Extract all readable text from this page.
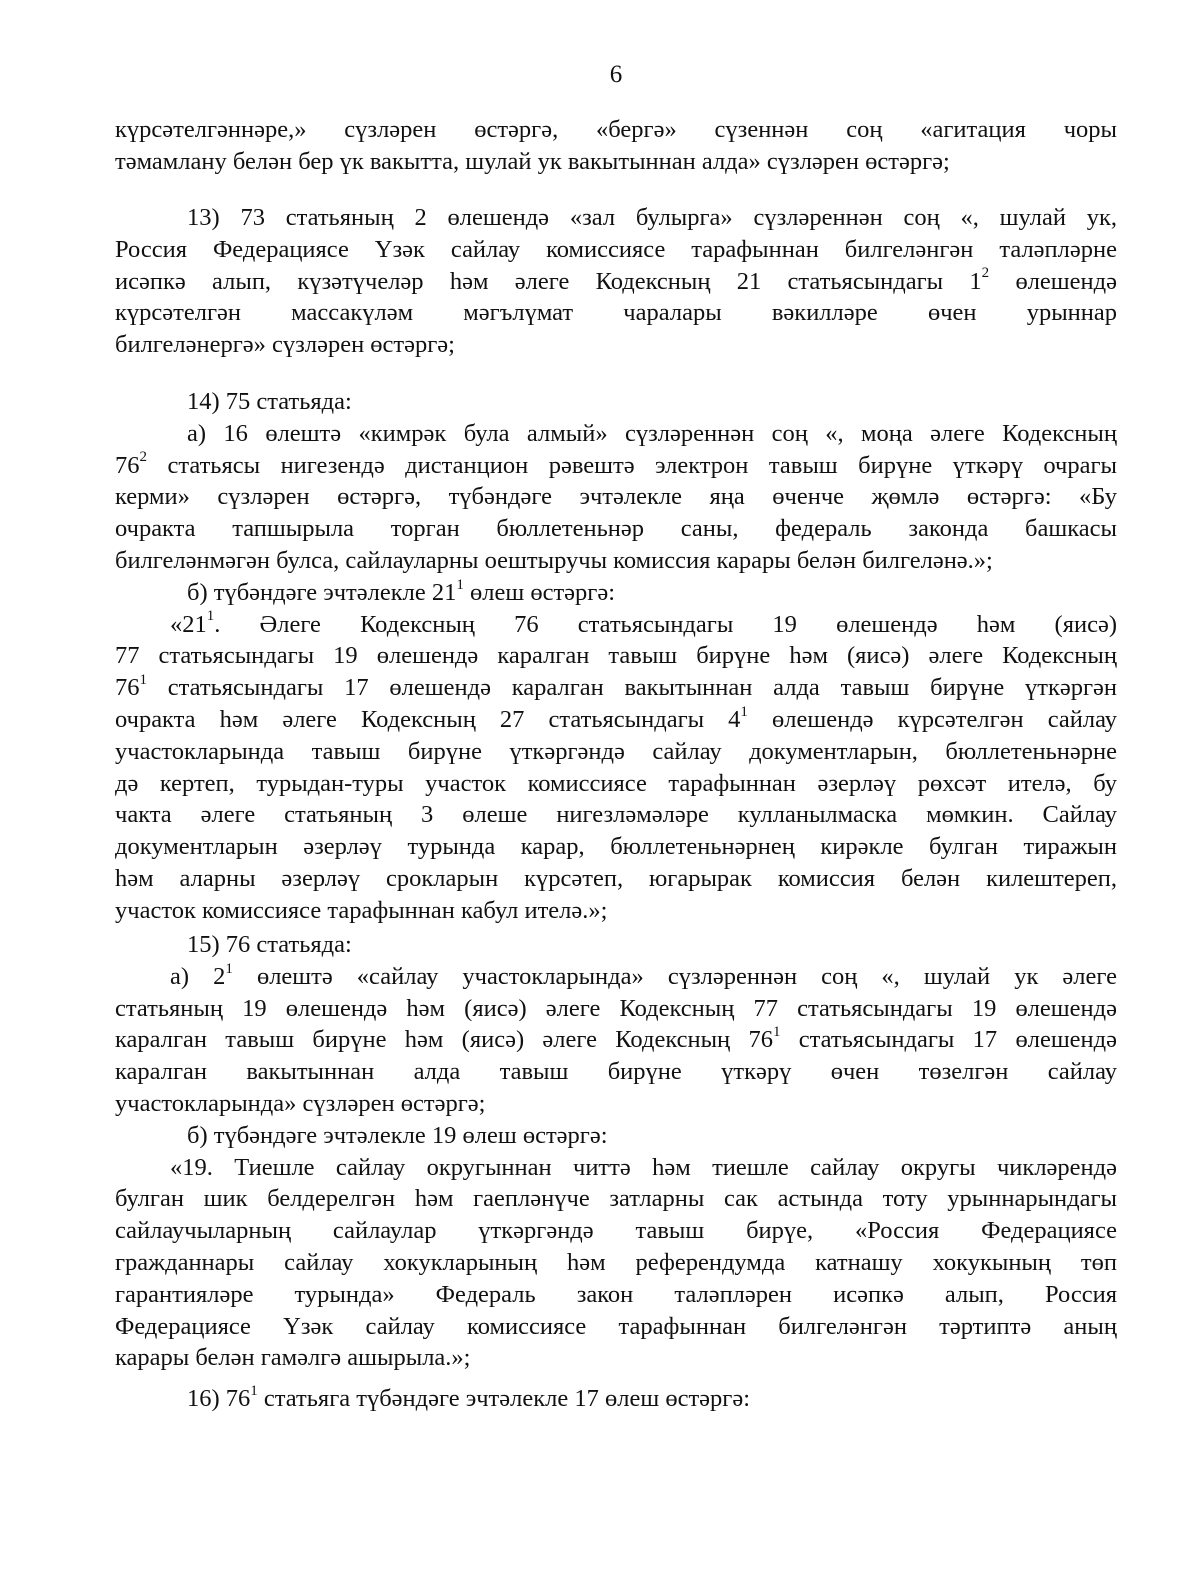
6

күрсәтелгәннәре,» сүзләрен өстәргә, «бергә» сүзеннән соң «агитация чоры

тәмамлану белән бер үк вакытта, шулай ук вакытыннан алда» сүзләрен өстәргә;

13) 73 статьяның 2 өлешендә «зал булырга» сүзләреннән соң «, шулай ук,

Россия Федерациясе Үзәк сайлау комиссиясе тарафыннан билгеләнгән таләпләрне

исәпкә алып, күзәтүчеләр һәм әлеге Кодексның 21 статьясындагы $1^2$ өлешендә

күрсәтелгән массакүләм мәгълүмат чаралары вәкилләре өчен урыннар

билгеләнергә» сүзләрен өстәргә;

14) 75 статьяда:

а) 16 өлештә «кимрәк була алмый» сүзләреннән соң «, моңа әлеге Кодексның

$76^2$ статьясы нигезендә дистанцион рәвештә электрон тавыш бирүне үткәрү очрагы

керми» сүзләрен өстәргә, түбәндәге эчтәлекле яңа өченче җөмлә өстәргә: «Бу

очракта тапшырыла торган бюллетеньнәр саны, федераль законда башкасы

билгеләнмәгән булса, сайлауларны оештыручы комиссия карары белән билгеләнә.»;

б) түбәндәге эчтәлекле $21^1$ өлеш өстәргә:

«$21^1$. Әлеге Кодексның 76 статьясындагы 19 өлешендә һәм (яисә)

77 статьясындагы 19 өлешендә каралган тавыш бирүне һәм (яисә) әлеге Кодексның

$76^1$ статьясындагы 17 өлешендә каралган вакытыннан алда тавыш бирүне үткәргән

очракта һәм әлеге Кодексның 27 статьясындагы $4^1$ өлешендә күрсәтелгән сайлау

участокларында тавыш бирүне үткәргәндә сайлау документларын, бюллетеньнәрне

дә кертеп, турыдан-туры участок комиссиясе тарафыннан әзерләү рөхсәт ителә, бу

чакта әлеге статьяның 3 өлеше нигезләмәләре кулланылмаска мөмкин. Сайлау

документларын әзерләү турында карар, бюллетеньнәрнең кирәкле булган тиражын

һәм аларны әзерләү срокларын күрсәтеп, югарырак комиссия белән килештереп,

участок комиссиясе тарафыннан кабул ителә.»;

15) 76 статьяда:

а) $2^1$ өлештә «сайлау участокларында» сүзләреннән соң «, шулай ук әлеге

статьяның 19 өлешендә һәм (яисә) әлеге Кодексның 77 статьясындагы 19 өлешендә

каралган тавыш бирүне һәм (яисә) әлеге Кодексның $76^1$ статьясындагы 17 өлешендә

каралган вакытыннан алда тавыш бирүне үткәрү өчен төзелгән сайлау

участокларында» сүзләрен өстәргә;

б) түбәндәге эчтәлекле 19 өлеш өстәргә:

«19. Тиешле сайлау округыннан читтә һәм тиешле сайлау округы чикләрендә

булган шик белдерелгән һәм гаепләнүче затларны сак астында тоту урыннарындагы

сайлаучыларның сайлаулар үткәргәндә тавыш бирүе, «Россия Федерациясе

гражданнары сайлау хокукларының һәм референдумда катнашу хокукының төп

гарантияләре турында» Федераль закон таләпләрен исәпкә алып, Россия

Федерациясе Үзәк сайлау комиссиясе тарафыннан билгеләнгән тәртиптә аның

карары белән гамәлгә ашырыла.»;

16) $76^1$ статьяга түбәндәге эчтәлекле 17 өлеш өстәргә:
